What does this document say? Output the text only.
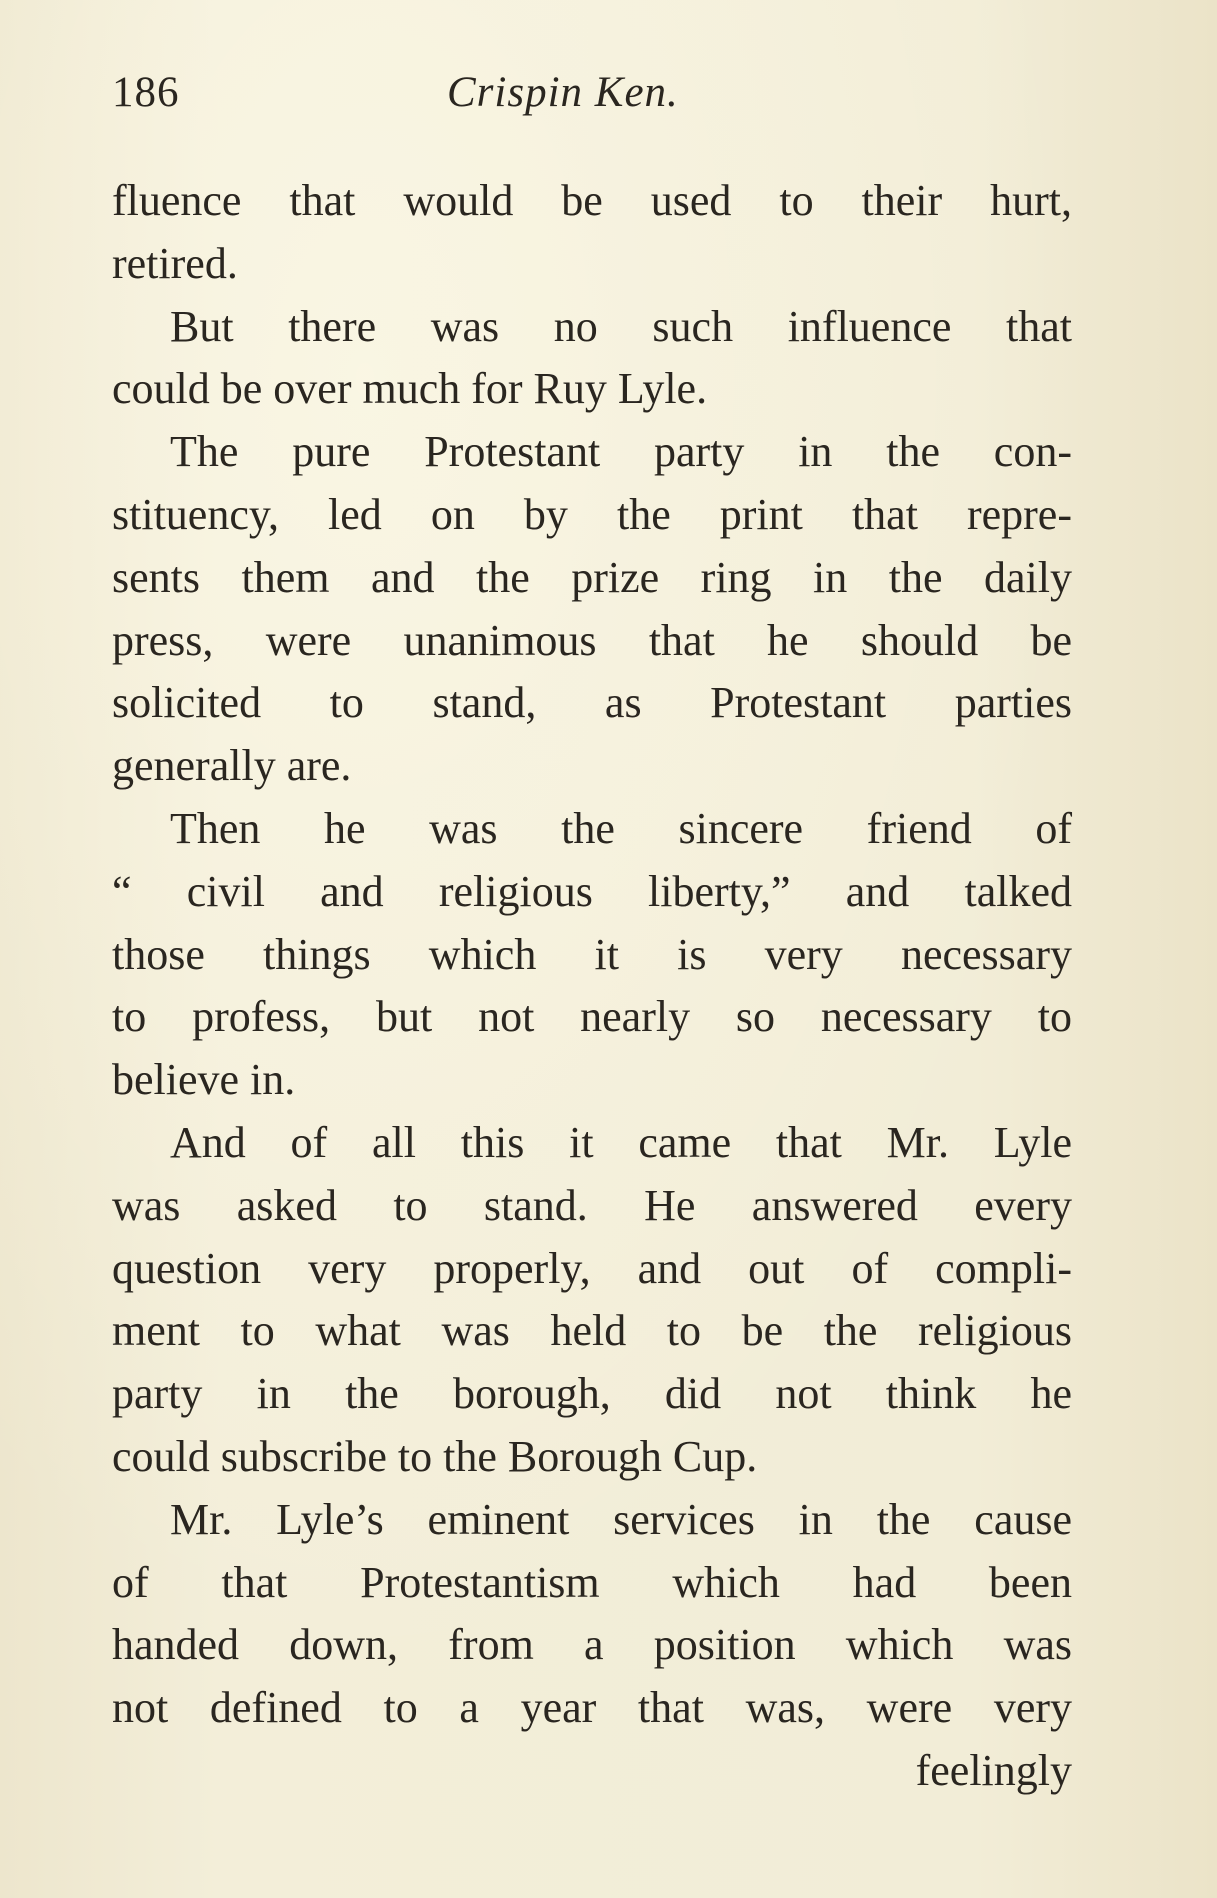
186	Crispin Ken.
fluence that would be used to their hurt,
retired.
But there was no such influence that
could be over much for Ruy Lyle.
The pure Protestant party in the con-
stituency, led on by the print that repre-
sents them and the prize ring in the daily
press, were unanimous that he should be
solicited to stand, as Protestant parties
generally are.
Then he was the sincere friend of
“ civil and religious liberty,” and talked
those things which it is very necessary
to profess, but not nearly so necessary to
believe in.
And of all this it came that Mr. Lyle
was asked to stand. He answered every
question very properly, and out of compli-
ment to what was held to be the religious
party in the borough, did not think he
could subscribe to the Borough Cup.
Mr. Lyle’s eminent services in the cause
of that Protestantism which had been
handed down, from a position which was
not defined to a year that was, were very
feelingly
